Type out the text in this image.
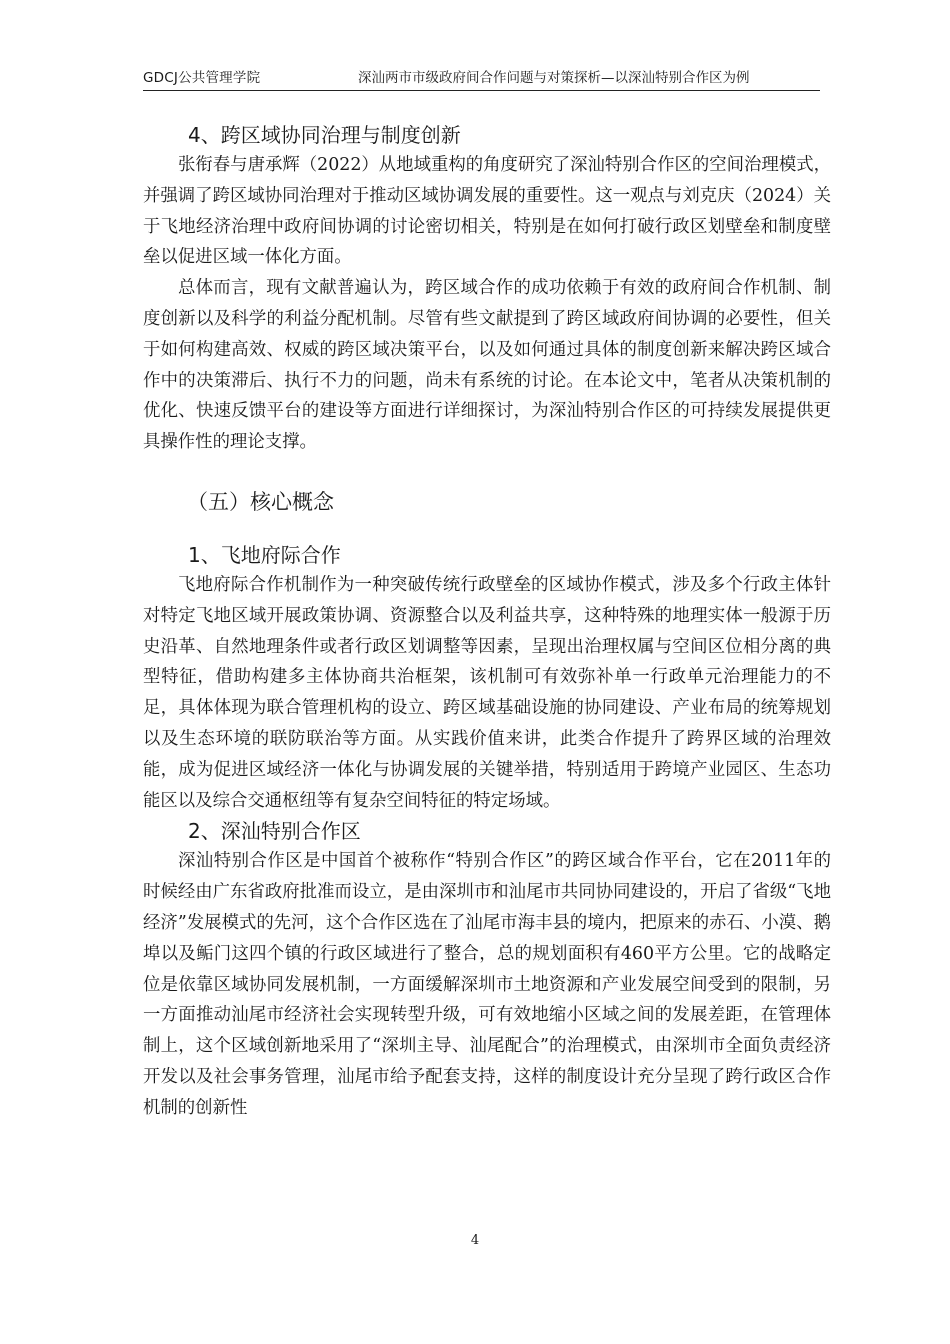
GDCJ公共管理学院	深汕两市市级政府间合作问题与对策探析—以深汕特别合作区为例
4、跨区域协同治理与制度创新

张衔春与唐承辉（2022）从地域重构的角度研究了深汕特别合作区的空间治理模式，并强调了跨区域协同治理对于推动区域协调发展的重要性。这一观点与刘克庆（2024）关于飞地经济治理中政府间协调的讨论密切相关，特别是在如何打破行政区划壁垒和制度壁垒以促进区域一体化方面。

总体而言，现有文献普遍认为，跨区域合作的成功依赖于有效的政府间合作机制、制度创新以及科学的利益分配机制。尽管有些文献提到了跨区域政府间协调的必要性，但关于如何构建高效、权威的跨区域决策平台，以及如何通过具体的制度创新来解决跨区域合作中的决策滞后、执行不力的问题，尚未有系统的讨论。在本论文中，笔者从决策机制的优化、快速反馈平台的建设等方面进行详细探讨，为深汕特别合作区的可持续发展提供更具操作性的理论支撑。

（五）核心概念
1、飞地府际合作

飞地府际合作机制作为一种突破传统行政壁垒的区域协作模式，涉及多个行政主体针对特定飞地区域开展政策协调、资源整合以及利益共享，这种特殊的地理实体一般源于历史沿革、自然地理条件或者行政区划调整等因素，呈现出治理权属与空间区位相分离的典型特征，借助构建多主体协商共治框架，该机制可有效弥补单一行政单元治理能力的不足，具体体现为联合管理机构的设立、跨区域基础设施的协同建设、产业布局的统筹规划以及生态环境的联防联治等方面。从实践价值来讲，此类合作提升了跨界区域的治理效能，成为促进区域经济一体化与协调发展的关键举措，特别适用于跨境产业园区、生态功能区以及综合交通枢纽等有复杂空间特征的特定场域。

2、深汕特别合作区

深汕特别合作区是中国首个被称作“特别合作区”的跨区域合作平台，它在2011年的时候经由广东省政府批准而设立，是由深圳市和汕尾市共同协同建设的，开启了省级“飞地经济”发展模式的先河，这个合作区选在了汕尾市海丰县的境内，把原来的赤石、小漠、鹅埠以及鲘门这四个镇的行政区域进行了整合，总的规划面积有460平方公里。它的战略定位是依靠区域协同发展机制，一方面缓解深圳市土地资源和产业发展空间受到的限制，另一方面推动汕尾市经济社会实现转型升级，可有效地缩小区域之间的发展差距，在管理体制上，这个区域创新地采用了“深圳主导、汕尾配合”的治理模式，由深圳市全面负责经济开发以及社会事务管理，汕尾市给予配套支持，这样的制度设计充分呈现了跨行政区合作机制的创新性

4
